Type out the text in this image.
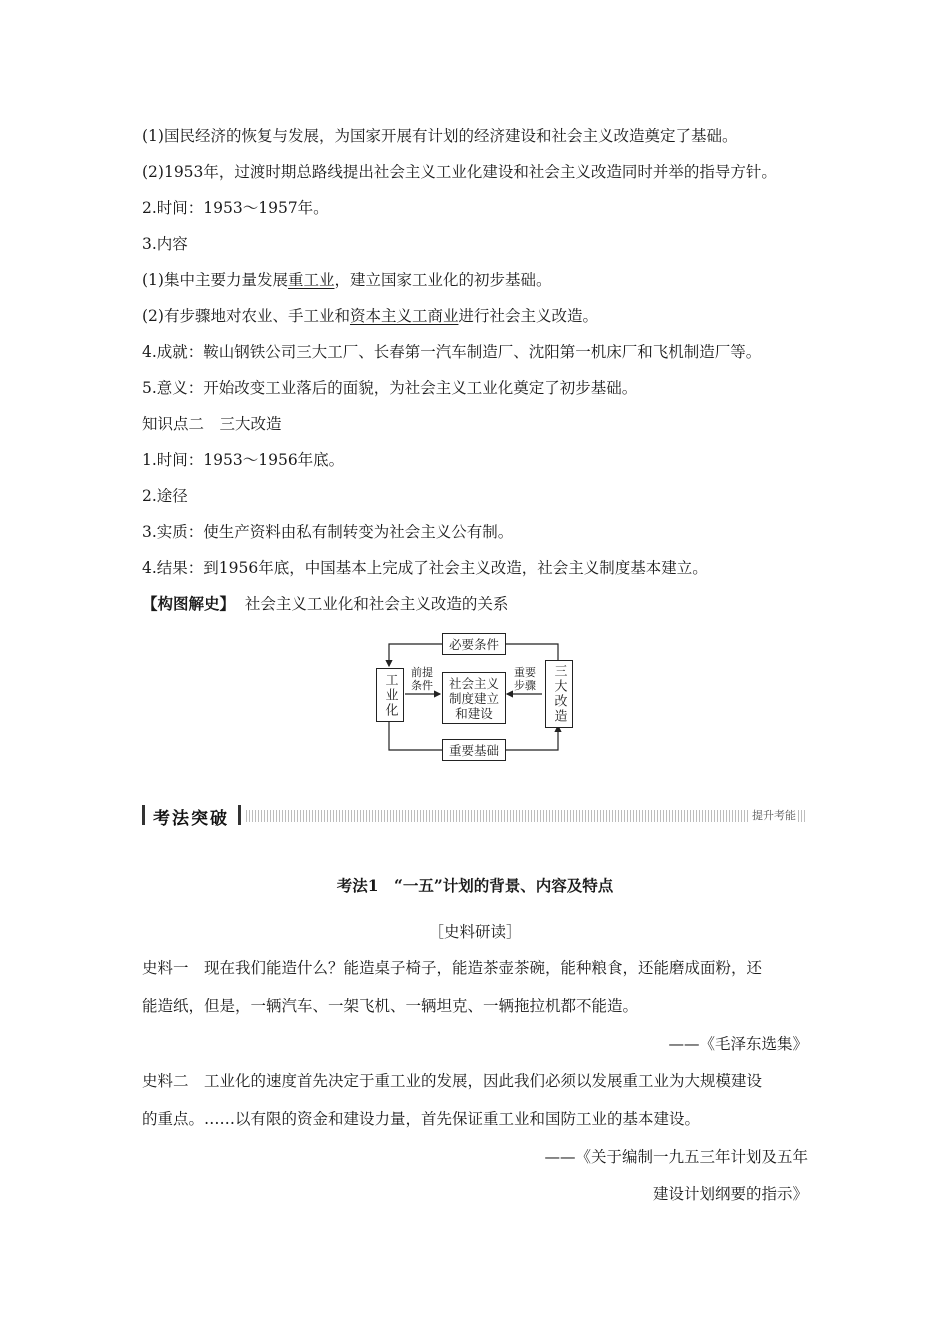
(1)国民经济的恢复与发展，为国家开展有计划的经济建设和社会主义改造奠定了基础。
(2)1953年，过渡时期总路线提出社会主义工业化建设和社会主义改造同时并举的指导方针。
2.时间：1953～1957年。
3.内容
(1)集中主要力量发展重工业，建立国家工业化的初步基础。
(2)有步骤地对农业、手工业和资本主义工商业进行社会主义改造。
4.成就：鞍山钢铁公司三大工厂、长春第一汽车制造厂、沈阳第一机床厂和飞机制造厂等。
5.意义：开始改变工业落后的面貌，为社会主义工业化奠定了初步基础。
知识点二　三大改造
1.时间：1953～1956年底。
2.途径
3.实质：使生产资料由私有制转变为社会主义公有制。
4.结果：到1956年底，中国基本上完成了社会主义改造，社会主义制度基本建立。
【构图解史】 社会主义工业化和社会主义改造的关系
工业化	社会主义
制度建立
和建设	三大改造
必要条件
重要基础
前提
条件
重要
步骤
考法突破	提升考能
考法1　“一五”计划的背景、内容及特点
［史料研读］
史料一　现在我们能造什么？能造桌子椅子，能造茶壶茶碗，能种粮食，还能磨成面粉，还
能造纸，但是，一辆汽车、一架飞机、一辆坦克、一辆拖拉机都不能造。
——《毛泽东选集》
史料二　工业化的速度首先决定于重工业的发展，因此我们必须以发展重工业为大规模建设
的重点。……以有限的资金和建设力量，首先保证重工业和国防工业的基本建设。
——《关于编制一九五三年计划及五年
建设计划纲要的指示》
